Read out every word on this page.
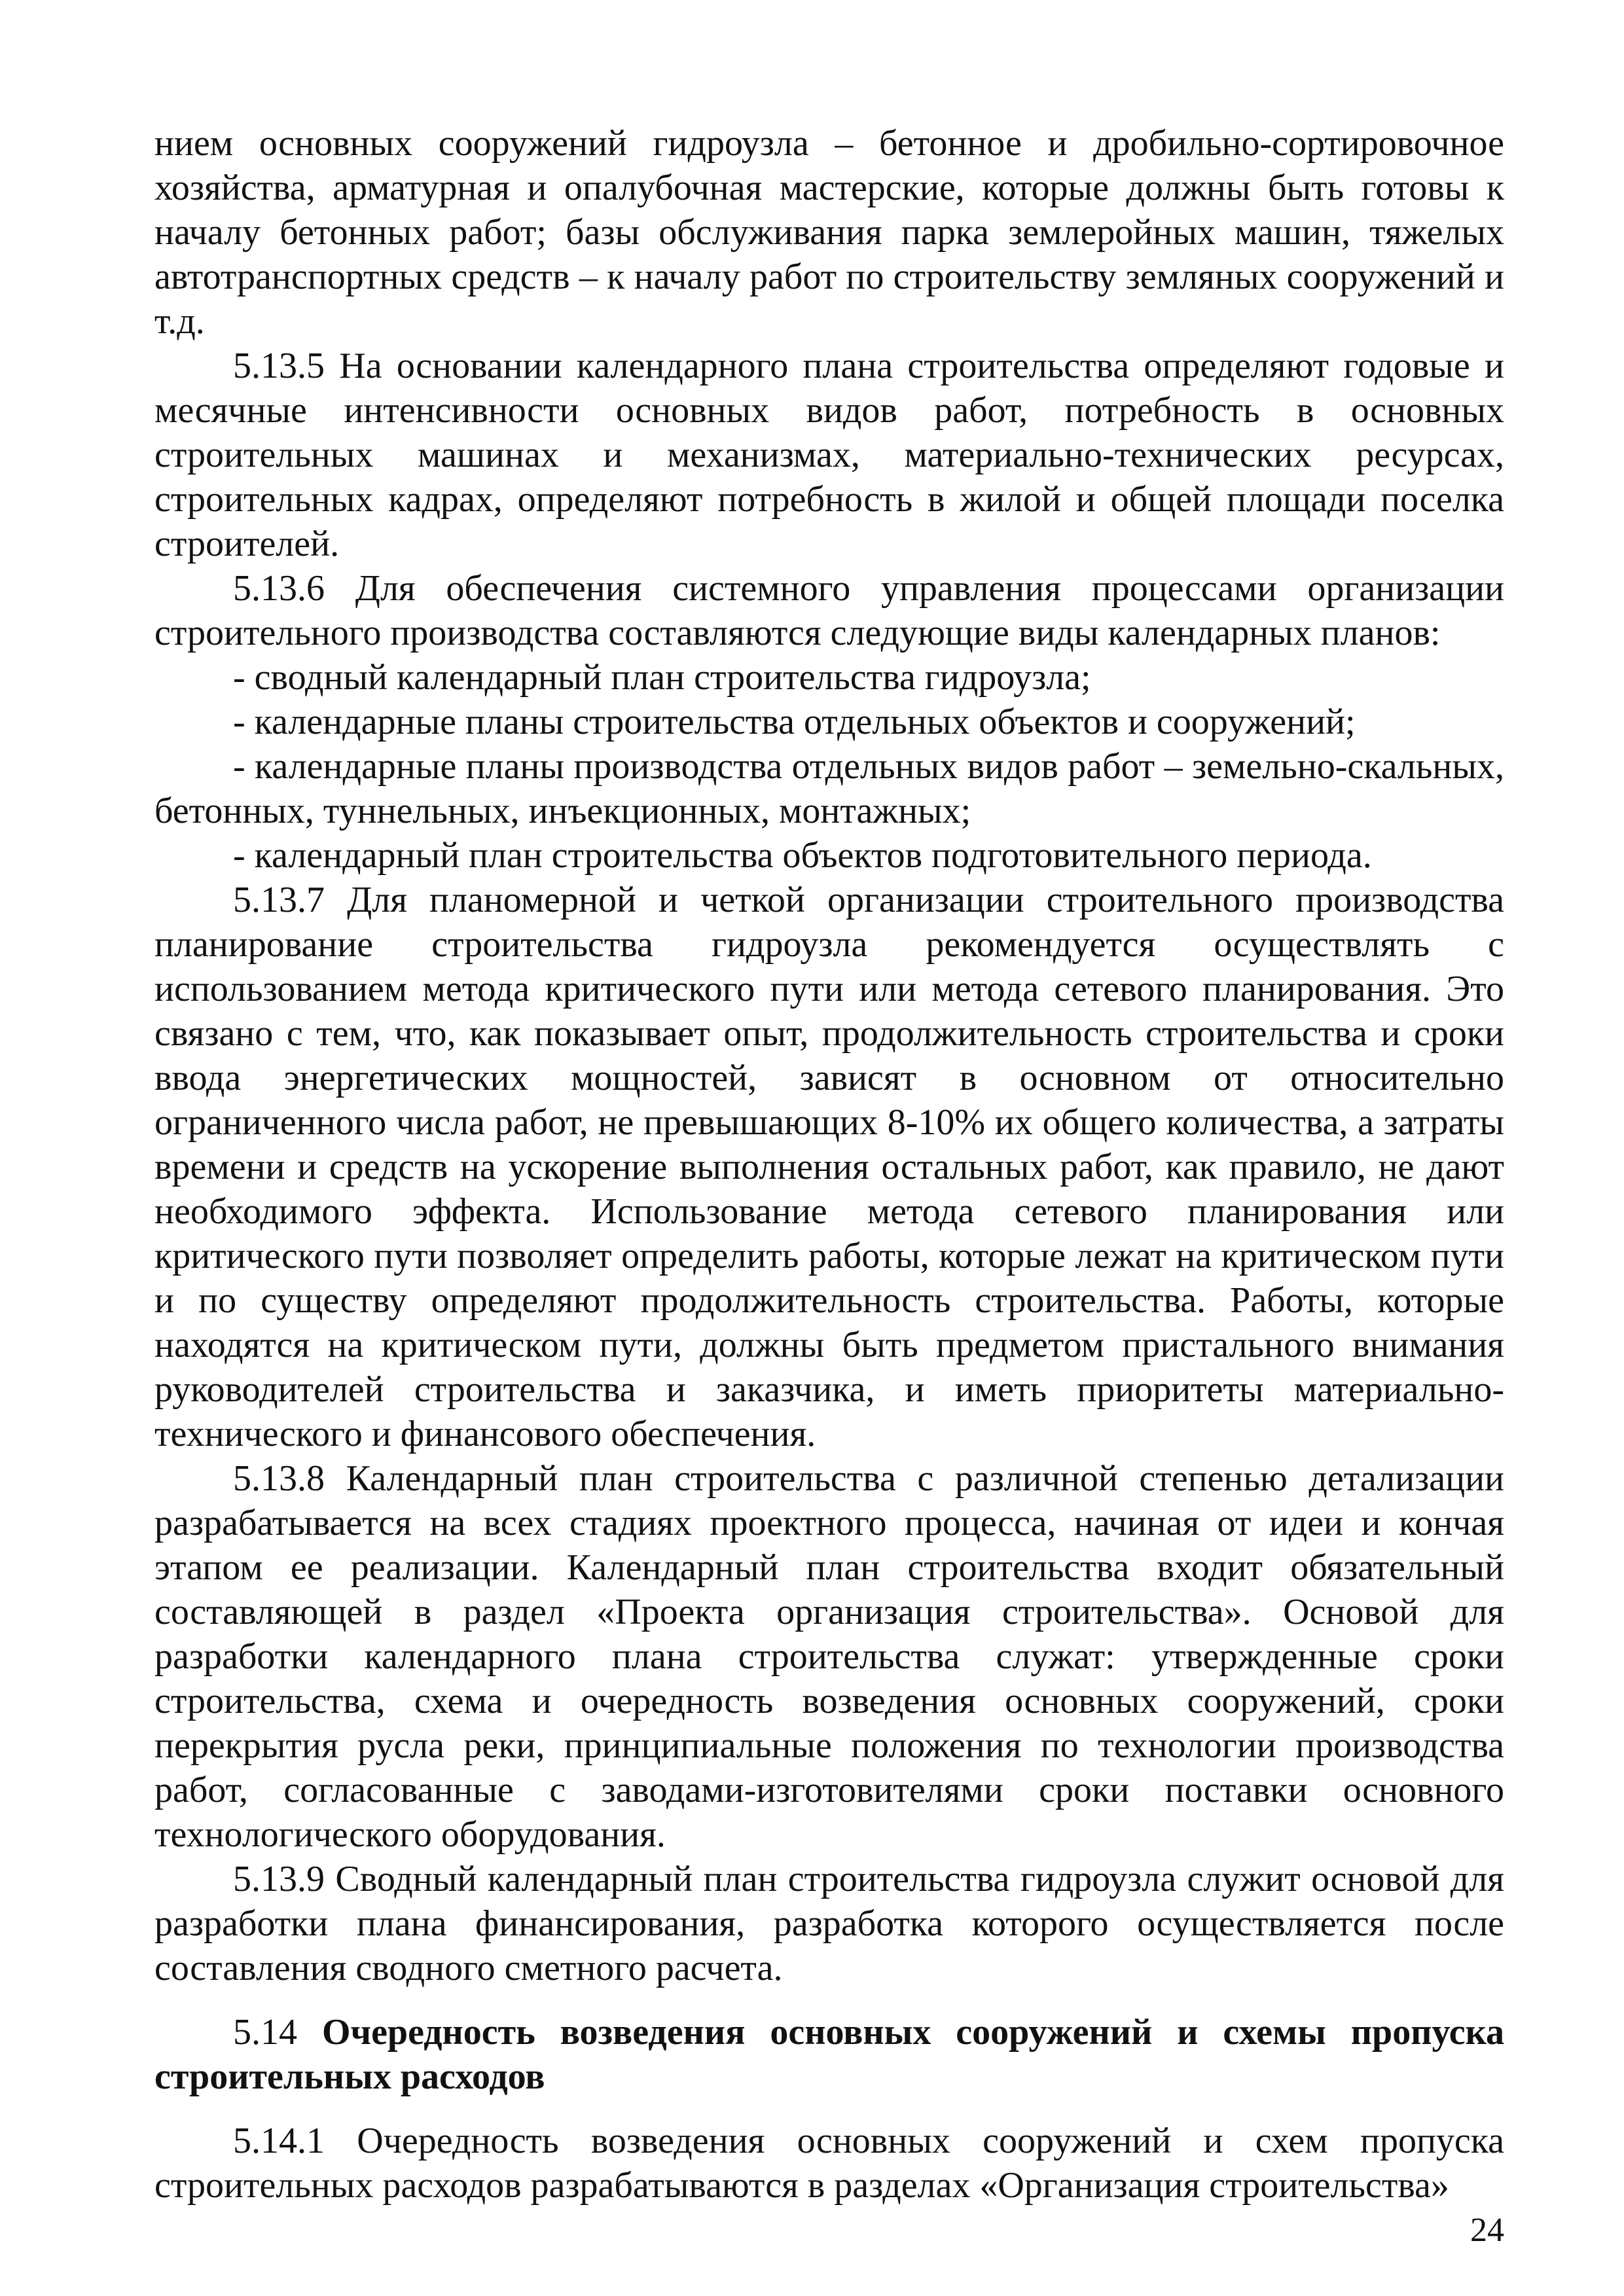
нием основных сооружений гидроузла – бетонное и дробильно-сортировочное хозяйства, арматурная и опалубочная мастерские, которые должны быть готовы к началу бетонных работ; базы обслуживания парка землеройных машин, тяжелых автотранспортных средств – к началу работ по строительству земляных сооружений и т.д.

5.13.5 На основании календарного плана строительства определяют годовые и месячные интенсивности основных видов работ, потребность в основных строительных машинах и механизмах, материально-технических ресурсах, строительных кадрах, определяют потребность в жилой и общей площади поселка строителей.

5.13.6 Для обеспечения системного управления процессами организации строительного производства составляются следующие виды календарных планов:

- сводный календарный план строительства гидроузла;

- календарные планы строительства отдельных объектов и сооружений;

- календарные планы производства отдельных видов работ – земельно-скальных, бетонных, туннельных, инъекционных, монтажных;

- календарный план строительства объектов подготовительного периода.

5.13.7 Для планомерной и четкой организации строительного производства планирование строительства гидроузла рекомендуется осуществлять с использованием метода критического пути или метода сетевого планирования. Это связано с тем, что, как показывает опыт, продолжительность строительства и сроки ввода энергетических мощностей, зависят в основном от относительно ограниченного числа работ, не превышающих 8-10% их общего количества, а затраты времени и средств на ускорение выполнения остальных работ, как правило, не дают необходимого эффекта. Использование метода сетевого планирования или критического пути позволяет определить работы, которые лежат на критическом пути и по существу определяют продолжительность строительства. Работы, которые находятся на критическом пути, должны быть предметом пристального внимания руководителей строительства и заказчика, и иметь приоритеты материально-технического и финансового обеспечения.

5.13.8 Календарный план строительства с различной степенью детализации разрабатывается на всех стадиях проектного процесса, начиная от идеи и кончая этапом ее реализации. Календарный план строительства входит обязательный составляющей в раздел «Проекта организация строительства». Основой для разработки календарного плана строительства служат: утвержденные сроки строительства, схема и очередность возведения основных сооружений, сроки перекрытия русла реки, принципиальные положения по технологии производства работ, согласованные с заводами-изготовителями сроки поставки основного технологического оборудования.

5.13.9 Сводный календарный план строительства гидроузла служит основой для разработки плана финансирования, разработка которого осуществляется после составления сводного сметного расчета.

5.14 Очередность возведения основных сооружений и схемы пропуска строительных расходов

5.14.1 Очередность возведения основных сооружений и схем пропуска строительных расходов разрабатываются в разделах «Организация строительства»

24
